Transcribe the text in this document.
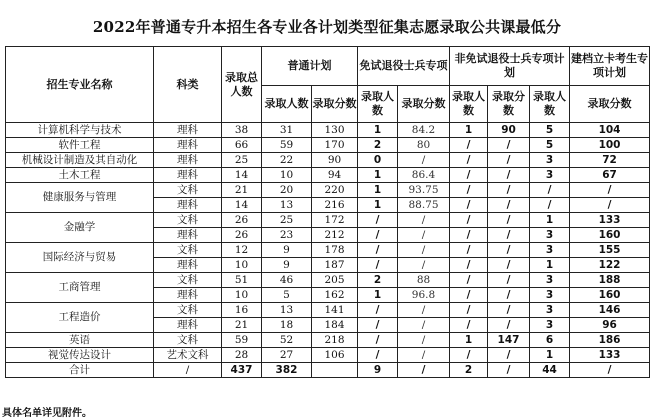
2022年普通专升本招生各专业各计划类型征集志愿录取公共课最低分
招生专业名称	科类	录取总人数	普通计划		免试退役士兵专项		非免试退役士兵专项计划			建档立卡考生专项计划
			录取人数	录取分数	录取人数	录取分数	录取人数	录取分数	录取人数	录取分数
计算机科学与技术	理科	38	31	130	1	84.2	1	90	5	104
软件工程	理科	66	59	170	2	80	/	/	5	100
机械设计制造及其自动化	理科	25	22	90	0	/	/	/	3	72
土木工程	理科	14	10	94	1	86.4	/	/	3	67
健康服务与管理	文科	21	20	220	1	93.75	/	/	/	/
	理科	14	13	216	1	88.75	/	/	/	/
金融学	文科	26	25	172	/	/	/	/	1	133
	理科	26	23	212	/	/	/	/	3	160
国际经济与贸易	文科	12	9	178	/	/	/	/	3	155
	理科	10	9	187	/	/	/	/	1	122
工商管理	文科	51	46	205	2	88	/	/	3	188
	理科	10	5	162	1	96.8	/	/	3	160
工程造价	文科	16	13	141	/	/	/	/	3	146
	理科	21	18	184	/	/	/	/	3	96
英语	文科	59	52	218	/	/	1	147	6	186
视觉传达设计	艺术文科	28	27	106	/	/	/	/	1	133
合计	/	437	382		9	/	2	/	44	/
具体名单详见附件。
